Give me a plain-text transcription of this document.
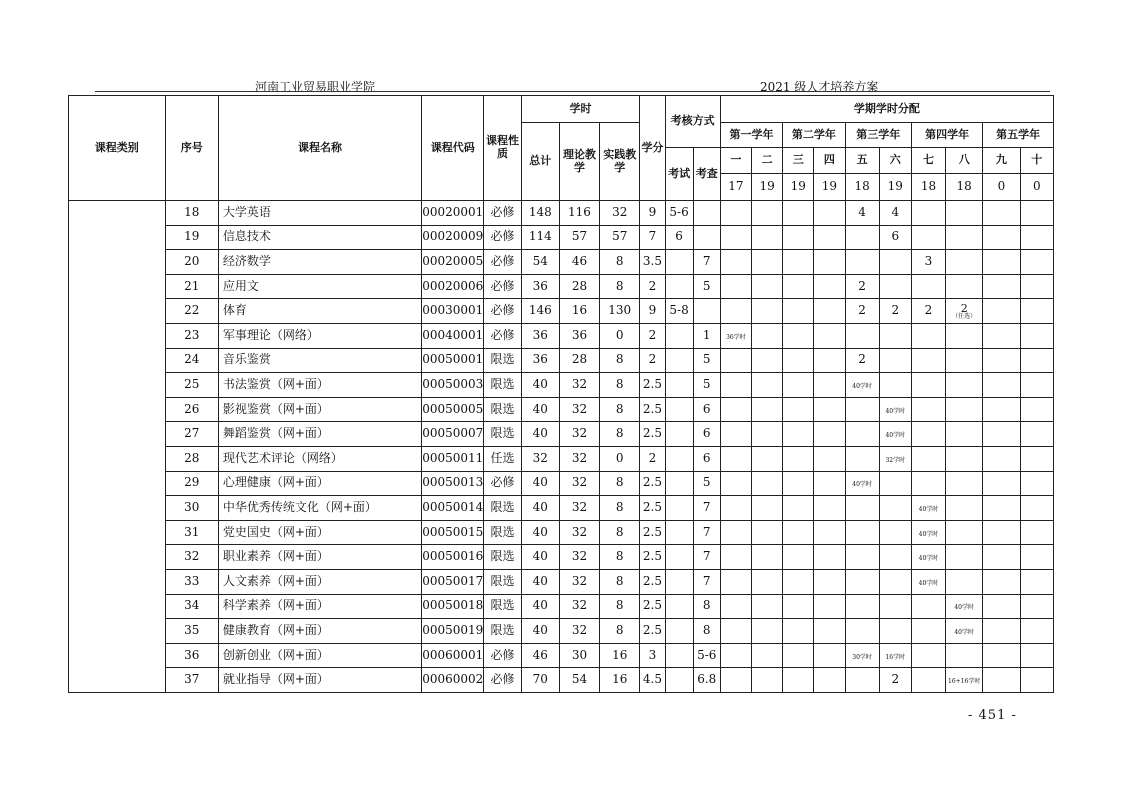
河南工业贸易职业学院	2021 级人才培养方案
课程类别	序号	课程名称	课程代码	课程性质	学时			学分	考核方式		学期学时分配									
					总计	理论教学	实践教学				第一学年		第二学年		第三学年		第四学年		第五学年	
									考试	考查	一	二	三	四	五	六	七	八	九	十
											17	19	19	19	18	19	18	18	0	0
	18	大学英语	00020001	必修	148	116	32	9	5-6						4	4				
	19	信息技术	00020009	必修	114	57	57	7	6							6				
	20	经济数学	00020005	必修	54	46	8	3.5		7							3			
	21	应用文	00020006	必修	36	28	8	2		5					2					
	22	体育	00030001	必修	146	16	130	9	5-8						2	2	2	2
（任选）		

	23	军事理论（网络）	00040001	必修	36	36	0	2		1	36学时									
	24	音乐鉴赏	00050001	限选	36	28	8	2		5					2					
	25	书法鉴赏（网+面）	00050003	限选	40	32	8	2.5		5					40学时					
	26	影视鉴赏（网+面）	00050005	限选	40	32	8	2.5		6						40学时				
	27	舞蹈鉴赏（网+面）	00050007	限选	40	32	8	2.5		6						40学时				
	28	现代艺术评论（网络）	00050011	任选	32	32	0	2		6						32学时				
	29	心理健康（网+面）	00050013	必修	40	32	8	2.5		5					40学时					
	30	中华优秀传统文化（网+面）	00050014	限选	40	32	8	2.5		7							40学时			
	31	党史国史（网+面）	00050015	限选	40	32	8	2.5		7							40学时			
	32	职业素养（网+面）	00050016	限选	40	32	8	2.5		7							40学时			
	33	人文素养（网+面）	00050017	限选	40	32	8	2.5		7							40学时			
	34	科学素养（网+面）	00050018	限选	40	32	8	2.5		8								40学时		
	35	健康教育（网+面）	00050019	限选	40	32	8	2.5		8								40学时		
	36	创新创业（网+面）	00060001	必修	46	30	16	3		5-6					30学时	16学时				
	37	就业指导（网+面）	00060002	必修	70	54	16	4.5		6.8						2		16+16学时		
- 451 -
